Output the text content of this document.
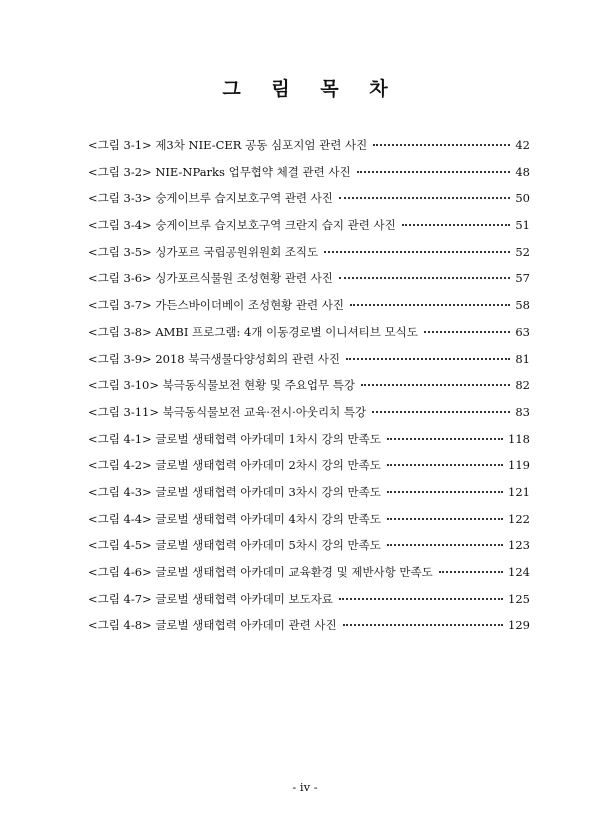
그 림 목 차
<그림 3-1> 제3차 NIE-CER 공동 심포지엄 관련 사진	42
<그림 3-2> NIE-NParks 업무협약 체결 관련 사진	48
<그림 3-3> 숭게이브루 습지보호구역 관련 사진	50
<그림 3-4> 숭게이브루 습지보호구역 크란지 습지 관련 사진	51
<그림 3-5> 싱가포르 국립공원위원회 조직도	52
<그림 3-6> 싱가포르식물원 조성현황 관련 사진	57
<그림 3-7> 가든스바이더베이 조성현황 관련 사진	58
<그림 3-8> AMBI 프로그램: 4개 이동경로별 이니셔티브 모식도	63
<그림 3-9> 2018 북극생물다양성회의 관련 사진	81
<그림 3-10> 북극동식물보전 현황 및 주요업무 특강	82
<그림 3-11> 북극동식물보전 교육·전시·아웃리치 특강	83
<그림 4-1> 글로벌 생태협력 아카데미 1차시 강의 만족도	118
<그림 4-2> 글로벌 생태협력 아카데미 2차시 강의 만족도	119
<그림 4-3> 글로벌 생태협력 아카데미 3차시 강의 만족도	121
<그림 4-4> 글로벌 생태협력 아카데미 4차시 강의 만족도	122
<그림 4-5> 글로벌 생태협력 아카데미 5차시 강의 만족도	123
<그림 4-6> 글로벌 생태협력 아카데미 교육환경 및 제반사항 만족도	124
<그림 4-7> 글로벌 생태협력 아카데미 보도자료	125
<그림 4-8> 글로벌 생태협력 아카데미 관련 사진	129
- iv -
